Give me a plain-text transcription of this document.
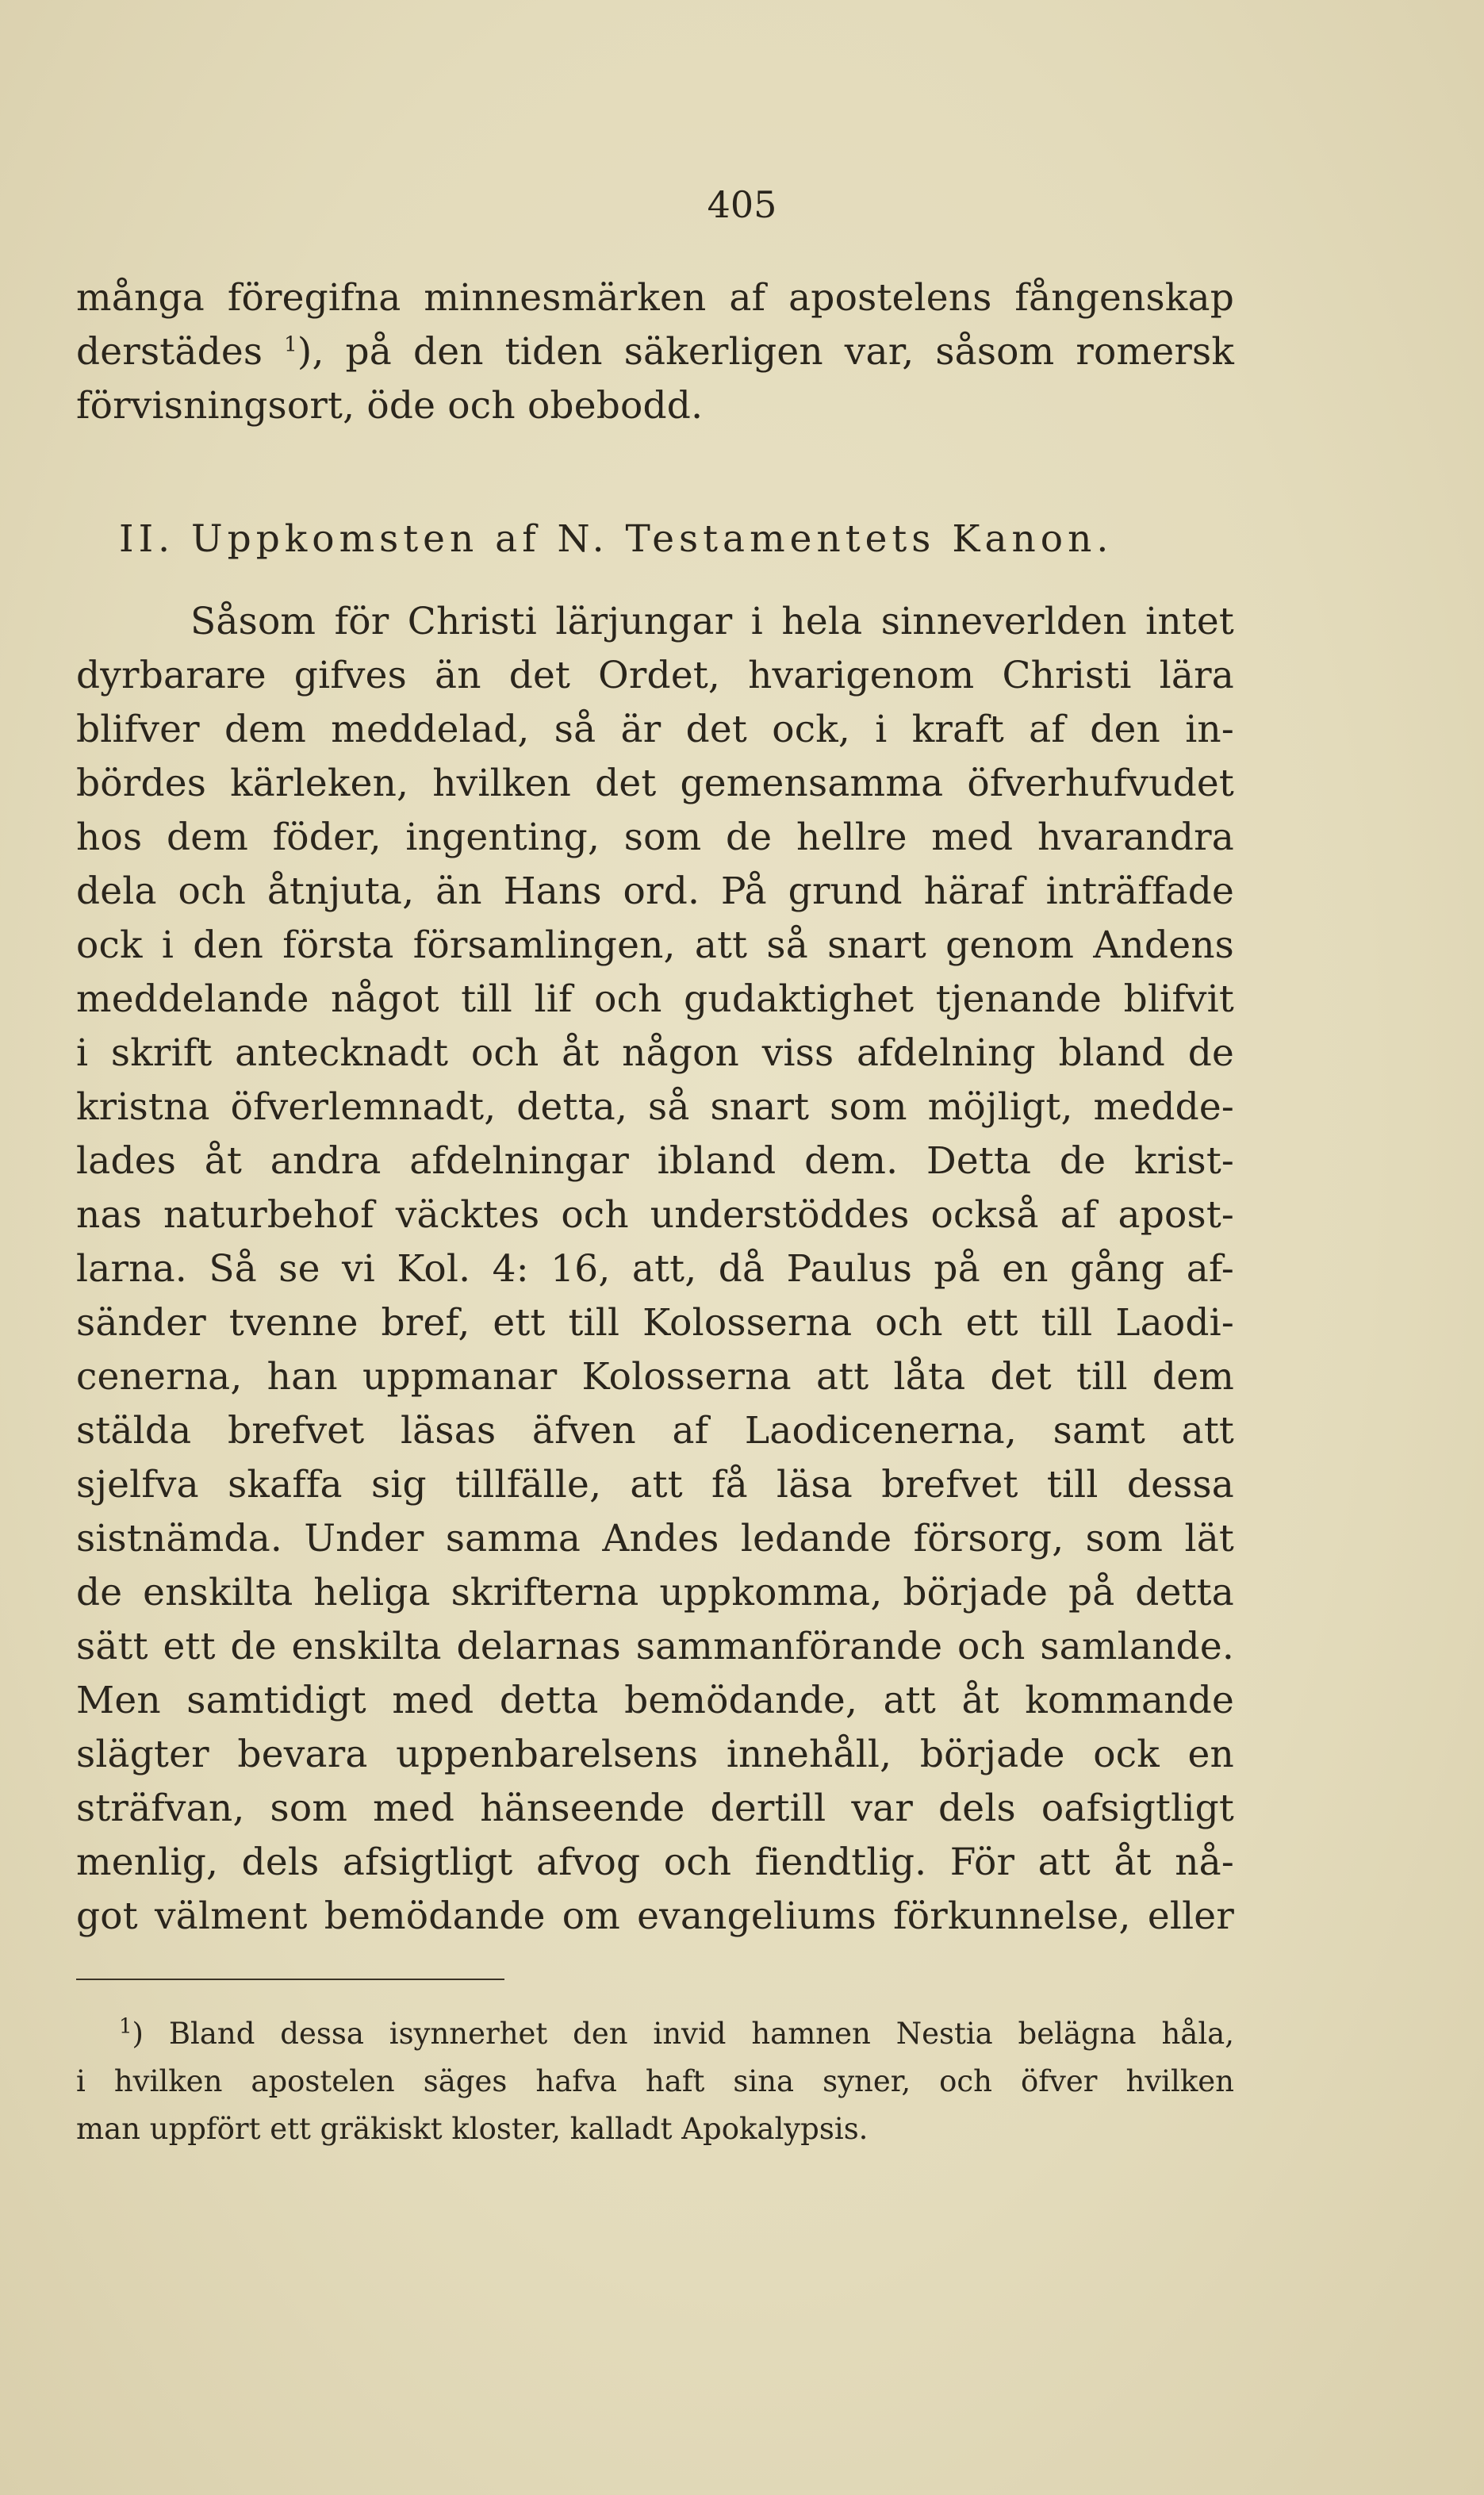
405
många föregifna minnesmärken af apostelens fångenskap
derstädes $^1$), på den tiden säkerligen var, såsom romersk
förvisningsort, öde och obebodd.
II. Uppkomsten af N. Testamentets Kanon.
Såsom för Christi lärjungar i hela sinneverlden intet
dyrbarare gifves än det Ordet, hvarigenom Christi lära
blifver dem meddelad, så är det ock, i kraft af den in-
bördes kärleken, hvilken det gemensamma öfverhufvudet
hos dem föder, ingenting, som de hellre med hvarandra
dela och åtnjuta, än Hans ord. På grund häraf inträffade
ock i den första församlingen, att så snart genom Andens
meddelande något till lif och gudaktighet tjenande blifvit
i skrift antecknadt och åt någon viss afdelning bland de
kristna öfverlemnadt, detta, så snart som möjligt, medde-
lades åt andra afdelningar ibland dem. Detta de krist-
nas naturbehof väcktes och understöddes också af apost-
larna. Så se vi Kol. 4: 16, att, då Paulus på en gång af-
sänder tvenne bref, ett till Kolosserna och ett till Laodi-
cenerna, han uppmanar Kolosserna att låta det till dem
stälda brefvet läsas äfven af Laodicenerna, samt att
sjelfva skaffa sig tillfälle, att få läsa brefvet till dessa
sistnämda. Under samma Andes ledande försorg, som lät
de enskilta heliga skrifterna uppkomma, började på detta
sätt ett de enskilta delarnas sammanförande och samlande.
Men samtidigt med detta bemödande, att åt kommande
slägter bevara uppenbarelsens innehåll, började ock en
sträfvan, som med hänseende dertill var dels oafsigtligt
menlig, dels afsigtligt afvog och fiendtlig. För att åt nå-
got välment bemödande om evangeliums förkunnelse, eller
$^1$) Bland dessa isynnerhet den invid hamnen Nestia belägna håla,
i hvilken apostelen säges hafva haft sina syner, och öfver hvilken
man uppfört ett gräkiskt kloster, kalladt Apokalypsis.
